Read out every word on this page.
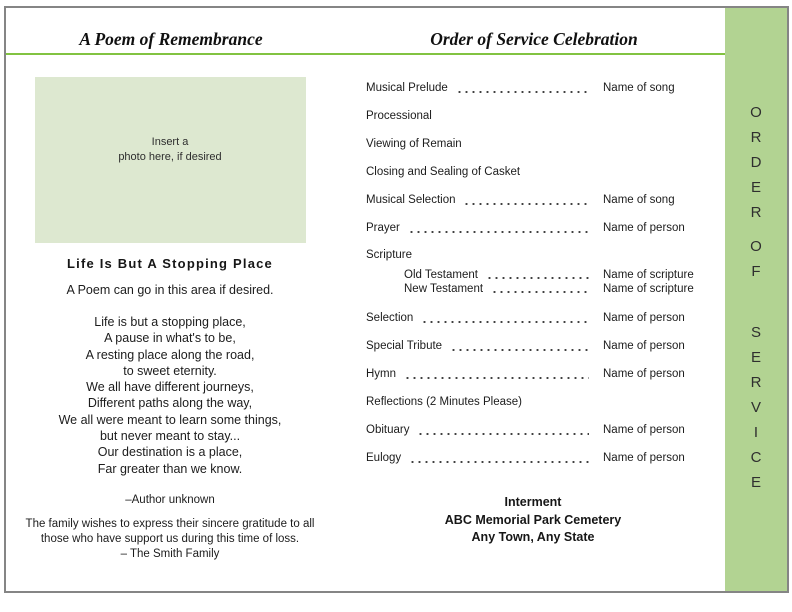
A Poem of Remembrance	Order of Service Celebration
O
R
D
E
R
O
F
S
E
R
V
I
C
E
Insert a
photo here, if desired
Life Is But A Stopping Place
A Poem can go in this area if desired.
Life is but a stopping place,
A pause in what's to be,
A resting place along the road,
to sweet eternity.
We all have different journeys,
Different paths along the way,
We all were meant to learn some things,
but never meant to stay...
Our destination is a place,
Far greater than we know.
–Author unknown
The family wishes to express their sincere gratitude to all
those who have support us during this time of loss.
– The Smith Family
Musical Prelude	Name of song
Processional
Viewing of Remain
Closing and Sealing of Casket
Musical Selection	Name of song
Prayer	Name of person
Scripture
Old Testament	Name of scripture
New Testament	Name of scripture
Selection	Name of person
Special Tribute	Name of person
Hymn	Name of person
Reflections (2 Minutes Please)
Obituary	Name of person
Eulogy	Name of person
Interment
ABC Memorial Park Cemetery
Any Town, Any State
